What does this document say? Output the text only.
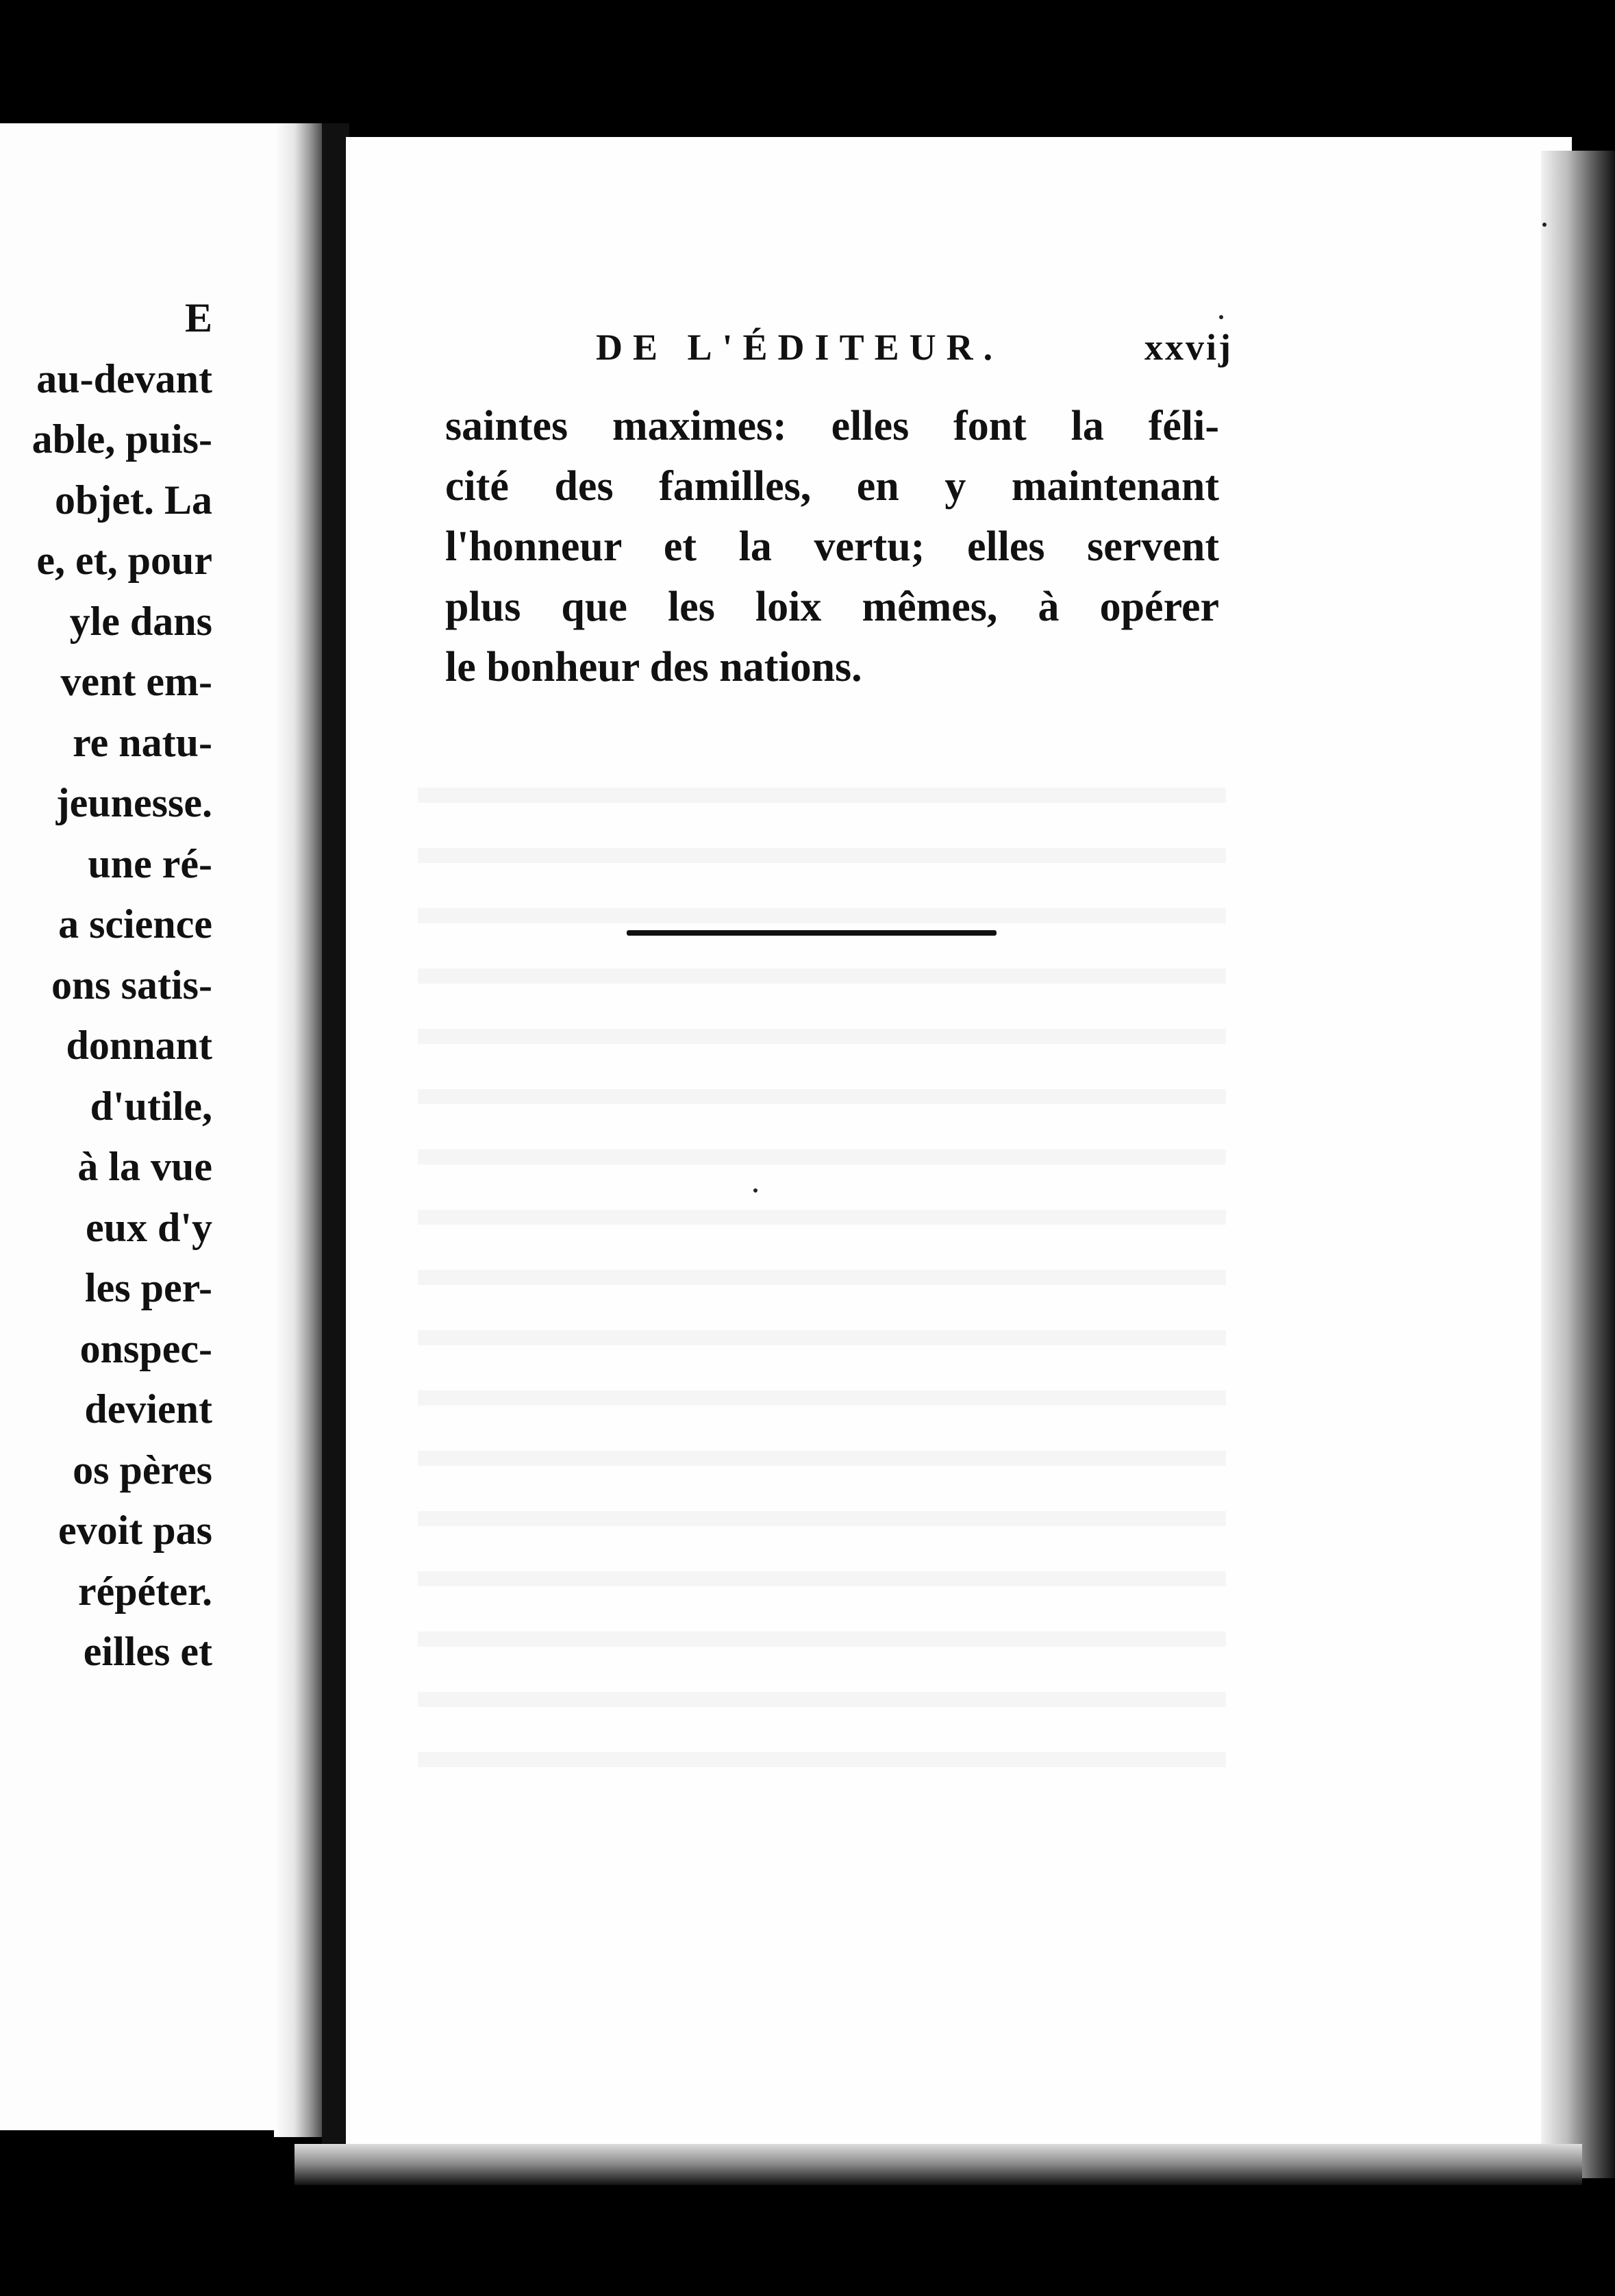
E
au-devant
able, puis-
objet. La
e, et, pour
yle dans
vent em-
re natu-
jeunesse.
une ré-
a science
ons satis-
donnant
d'utile,
à la vue
eux d'y
les per-
onspec-
devient
os pères
evoit pas
répéter.
eilles et
DE L'ÉDITEUR.	xxvij
saintes maximes: elles font la féli-
cité des familles, en y maintenant
l'honneur et la vertu; elles servent
plus que les loix mêmes, à opérer
le bonheur des nations.
